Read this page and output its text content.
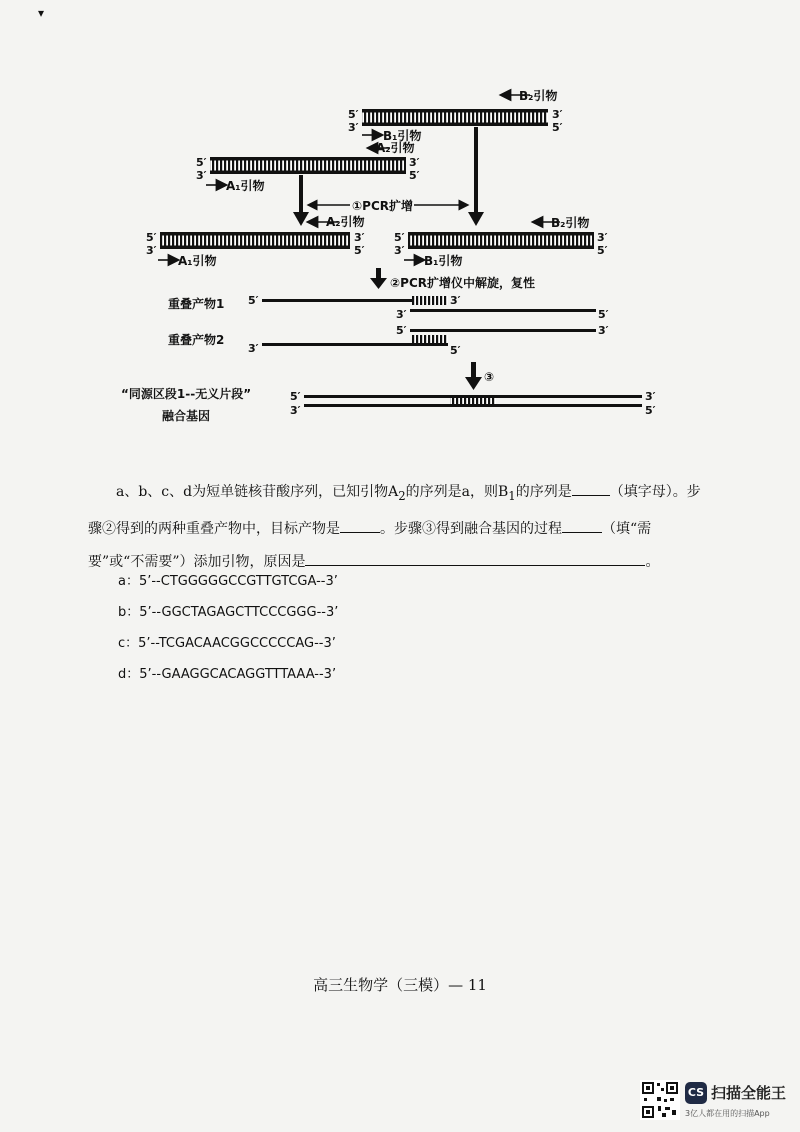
▾
5′
3′
3′
5′
B₂引物
B₁引物
A₂引物
5′
3′
3′
5′
A₁引物
①PCR扩增
A₂引物	B₂引物
5′
3′
3′
5′
A₁引物
5′
3′
3′
5′
B₁引物
②PCR扩增仪中解旋，复性
重叠产物1 5′	3′
3′	5′
重叠产物2
5′	3′
3′	5′
③
“同源区段1--无义片段”
融合基因
5′	3′
3′	5′

a、b、c、d为短单链核苷酸序列，已知引物$A_2$的序列是a，则$B_1$的序列是	（填字母）。步

骤②得到的两种重叠产物中，目标产物是	。步骤③得到融合基因的过程	（填“需

要”或“不需要”）添加引物，原因是	。

a：5’--CTGGGGGCCGTTGTCGA--3’
b：5’--GGCTAGAGCTTCCCGGG--3’
c：5’--TCGACAACGGCCCCCAG--3’
d：5’--GAAGGCACAGGTTTAAA--3’
高三生物学（三模）— 11
CS 扫描全能王
3亿人都在用的扫描App
